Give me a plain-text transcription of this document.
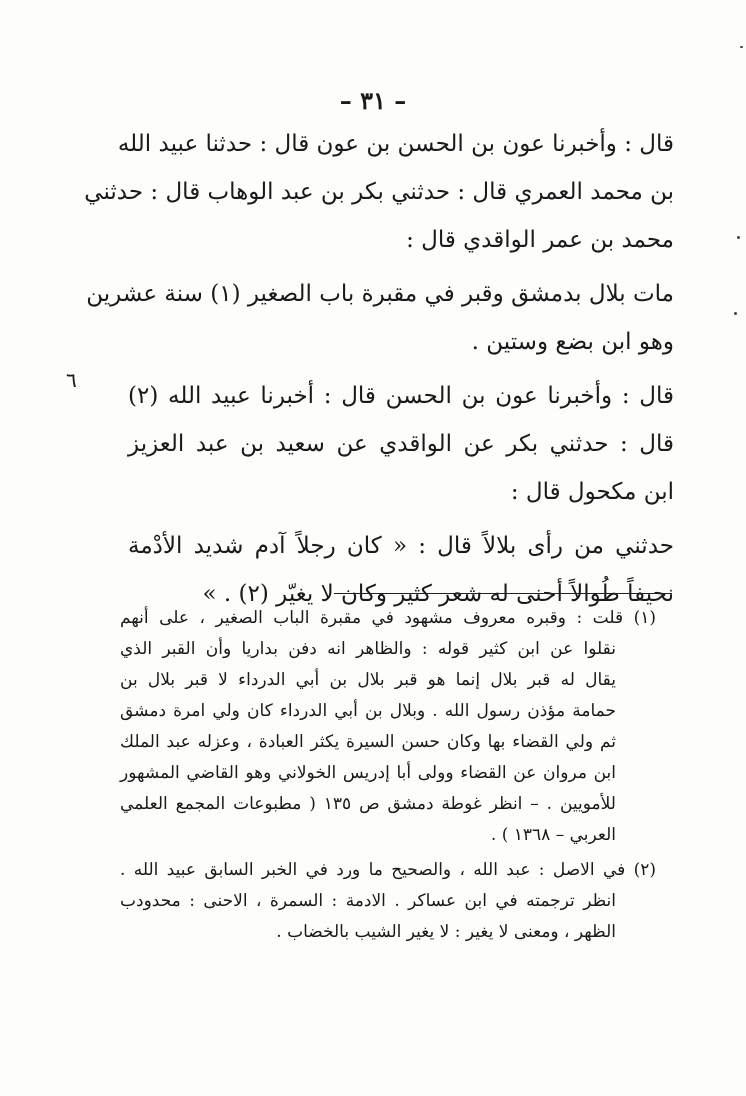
– ٣١ –
٦
قال : وأخبرنا عون بن الحسن بن عون قال : حدثنا عبيد الله
بن محمد العمري قال : حدثني بكر بن عبد الوهاب قال : حدثني
محمد بن عمر الواقدي قال :
مات بلال بدمشق وقبر في مقبرة باب الصغير (١) سنة عشرين
وهو ابن بضع وستين .
قال : وأخبرنا عون بن الحسن قال : أخبرنا عبيد الله (٢)
قال : حدثني بكر عن الواقدي عن سعيد بن عبد العزيز
ابن مكحول قال :
حدثني من رأى بلالاً قال : « كان رجلاً آدم شديد الأدْمة
نحيفاً طُوالاً أحنى له شعر كثير وكان لا يغيّر (٢) . »
(١) قلت : وقبره معروف مشهود في مقبرة الباب الصغير ، على أنهم
نقلوا عن ابن كثير قوله : والظاهر انه دفن بداريا وأن القبر الذي
يقال له قبر بلال إنما هو قبر بلال بن أبي الدرداء لا قبر بلال بن
حمامة مؤذن رسول الله . وبلال بن أبي الدرداء كان ولي امرة دمشق
ثم ولي القضاء بها وكان حسن السيرة يكثر العبادة ، وعزله عبد الملك
ابن مروان عن القضاء وولى أبا إدريس الخولاني وهو القاضي المشهور
للأمويين . – انظر غوطة دمشق ص ١٣٥ ( مطبوعات المجمع العلمي
العربي – ١٣٦٨ ) .
(٢) في الاصل : عبد الله ، والصحيح ما ورد في الخبر السابق عبيد الله .
انظر ترجمته في ابن عساكر . الادمة : السمرة ، الاحنى : محدودب
الظهر ، ومعنى لا يغير : لا يغير الشيب بالخضاب .
